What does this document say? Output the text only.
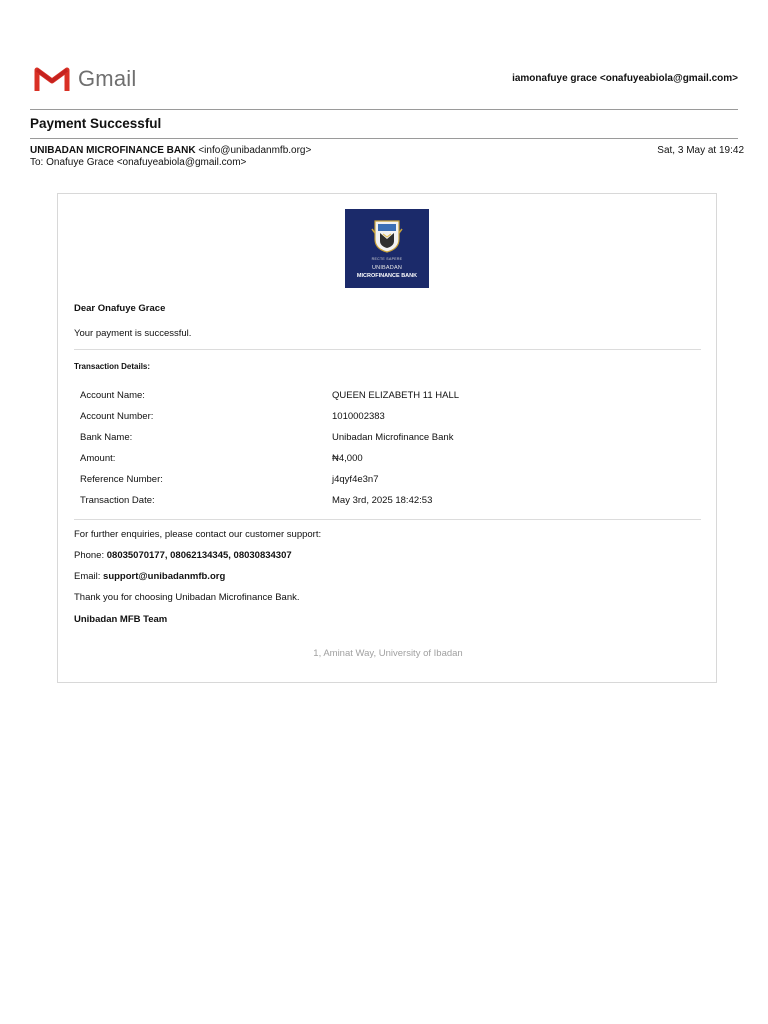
Gmail	iamonafuye grace <onafuyeabiola@gmail.com>
Payment Successful
UNIBADAN MICROFINANCE BANK <info@unibadanmfb.org>
To: Onafuye Grace <onafuyeabiola@gmail.com>
Sat, 3 May at 19:42
RECTE SAPERE
UNIBADAN
MICROFINANCE BANK
Dear Onafuye Grace
Your payment is successful.
Transaction Details:
Account Name:	QUEEN ELIZABETH 11 HALL
Account Number:	1010002383
Bank Name:	Unibadan Microfinance Bank
Amount:	₦4,000
Reference Number:	j4qyf4e3n7
Transaction Date:	May 3rd, 2025 18:42:53
For further enquiries, please contact our customer support:
Phone: 08035070177, 08062134345, 08030834307
Email: support@unibadanmfb.org
Thank you for choosing Unibadan Microfinance Bank.
Unibadan MFB Team
1, Aminat Way, University of Ibadan
